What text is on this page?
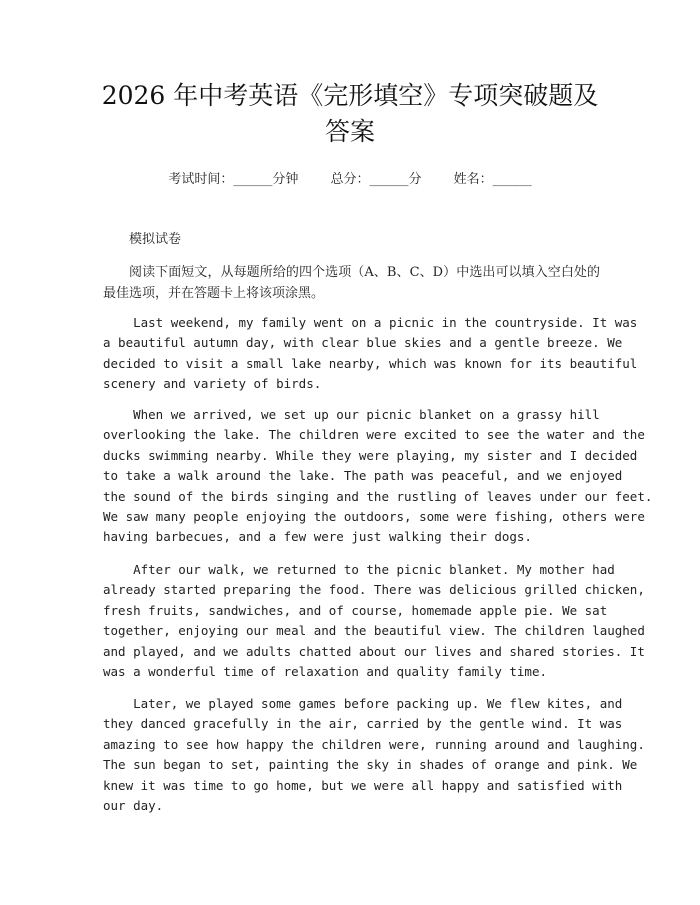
2026 年中考英语《完形填空》专项突破题及
答案
考试时间：______分钟 总分：______分 姓名：______
模拟试卷
阅读下面短文，从每题所给的四个选项（A、B、C、D）中选出可以填入空白处的最佳选项，并在答题卡上将该项涂黑。
Last weekend, my family went on a picnic in the countryside. It was
a beautiful autumn day, with clear blue skies and a gentle breeze. We
decided to visit a small lake nearby, which was known for its beautiful
scenery and variety of birds.
When we arrived, we set up our picnic blanket on a grassy hill
overlooking the lake. The children were excited to see the water and the
ducks swimming nearby. While they were playing, my sister and I decided
to take a walk around the lake. The path was peaceful, and we enjoyed
the sound of the birds singing and the rustling of leaves under our feet.
We saw many people enjoying the outdoors, some were fishing, others were
having barbecues, and a few were just walking their dogs.
After our walk, we returned to the picnic blanket. My mother had
already started preparing the food. There was delicious grilled chicken,
fresh fruits, sandwiches, and of course, homemade apple pie. We sat
together, enjoying our meal and the beautiful view. The children laughed
and played, and we adults chatted about our lives and shared stories. It
was a wonderful time of relaxation and quality family time.
Later, we played some games before packing up. We flew kites, and
they danced gracefully in the air, carried by the gentle wind. It was
amazing to see how happy the children were, running around and laughing.
The sun began to set, painting the sky in shades of orange and pink. We
knew it was time to go home, but we were all happy and satisfied with
our day.
